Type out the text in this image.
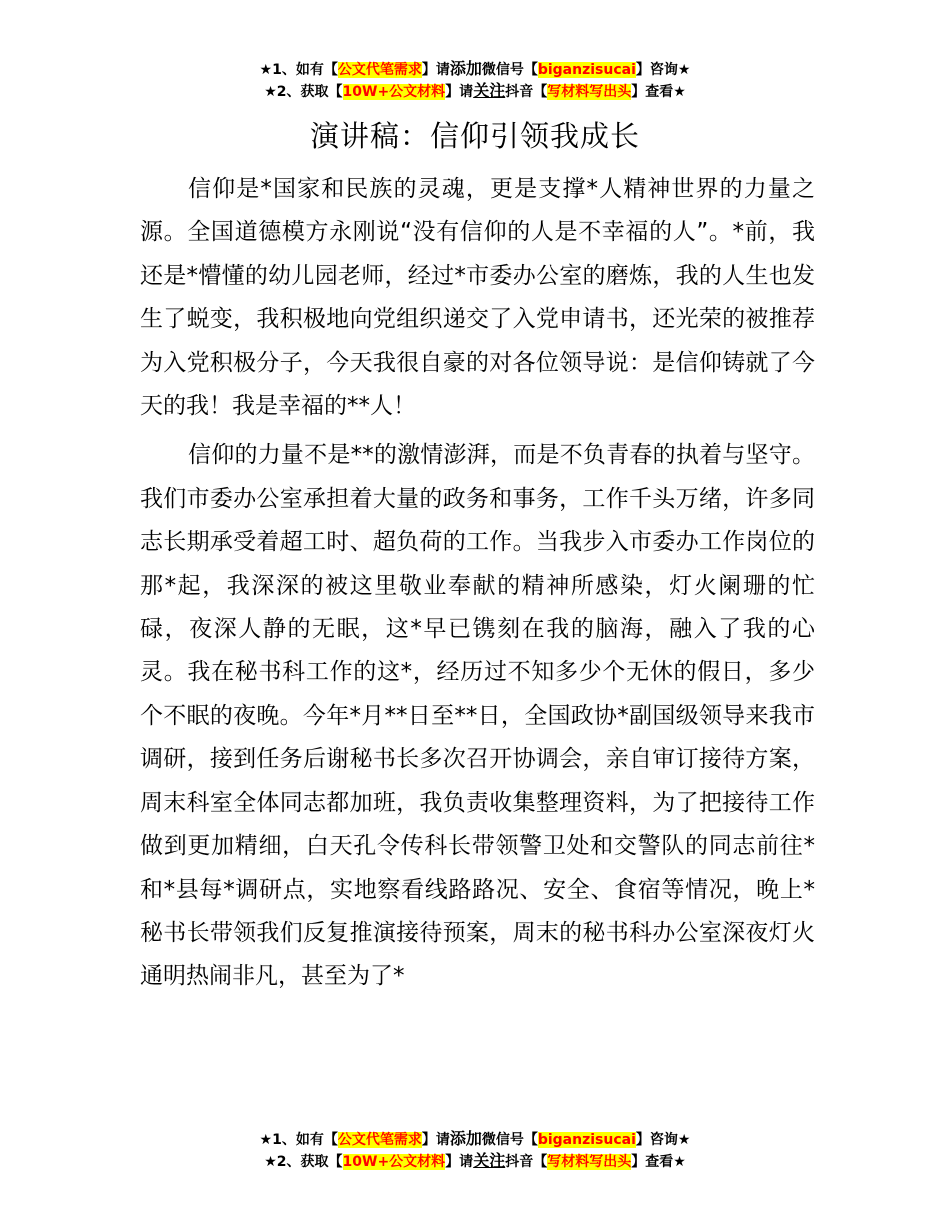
★1、如有【公文代笔需求】请添加微信号【biganzisucai】咨询★
★2、获取【10W+公文材料】请关注抖音【写材料写出头】查看★
演讲稿：信仰引领我成长

信仰是*国家和民族的灵魂，更是支撑*人精神世界的力量之源。全国道德模方永刚说“没有信仰的人是不幸福的人”。*前，我还是*懵懂的幼儿园老师，经过*市委办公室的磨炼，我的人生也发生了蜕变，我积极地向党组织递交了入党申请书，还光荣的被推荐为入党积极分子，今天我很自豪的对各位领导说：是信仰铸就了今天的我！我是幸福的**人！

信仰的力量不是**的激情澎湃，而是不负青春的执着与坚守。我们市委办公室承担着大量的政务和事务，工作千头万绪，许多同志长期承受着超工时、超负荷的工作。当我步入市委办工作岗位的那*起，我深深的被这里敬业奉献的精神所感染，灯火阑珊的忙碌，夜深人静的无眠，这*早已镌刻在我的脑海，融入了我的心灵。我在秘书科工作的这*，经历过不知多少个无休的假日，多少个不眠的夜晚。今年*月**日至**日，全国政协*副国级领导来我市调研，接到任务后谢秘书长多次召开协调会，亲自审订接待方案，周末科室全体同志都加班，我负责收集整理资料，为了把接待工作做到更加精细，白天孔令传科长带领警卫处和交警队的同志前往*和*县每*调研点，实地察看线路路况、安全、食宿等情况，晚上*秘书长带领我们反复推演接待预案，周末的秘书科办公室深夜灯火通明热闹非凡，甚至为了*

★1、如有【公文代笔需求】请添加微信号【biganzisucai】咨询★
★2、获取【10W+公文材料】请关注抖音【写材料写出头】查看★
